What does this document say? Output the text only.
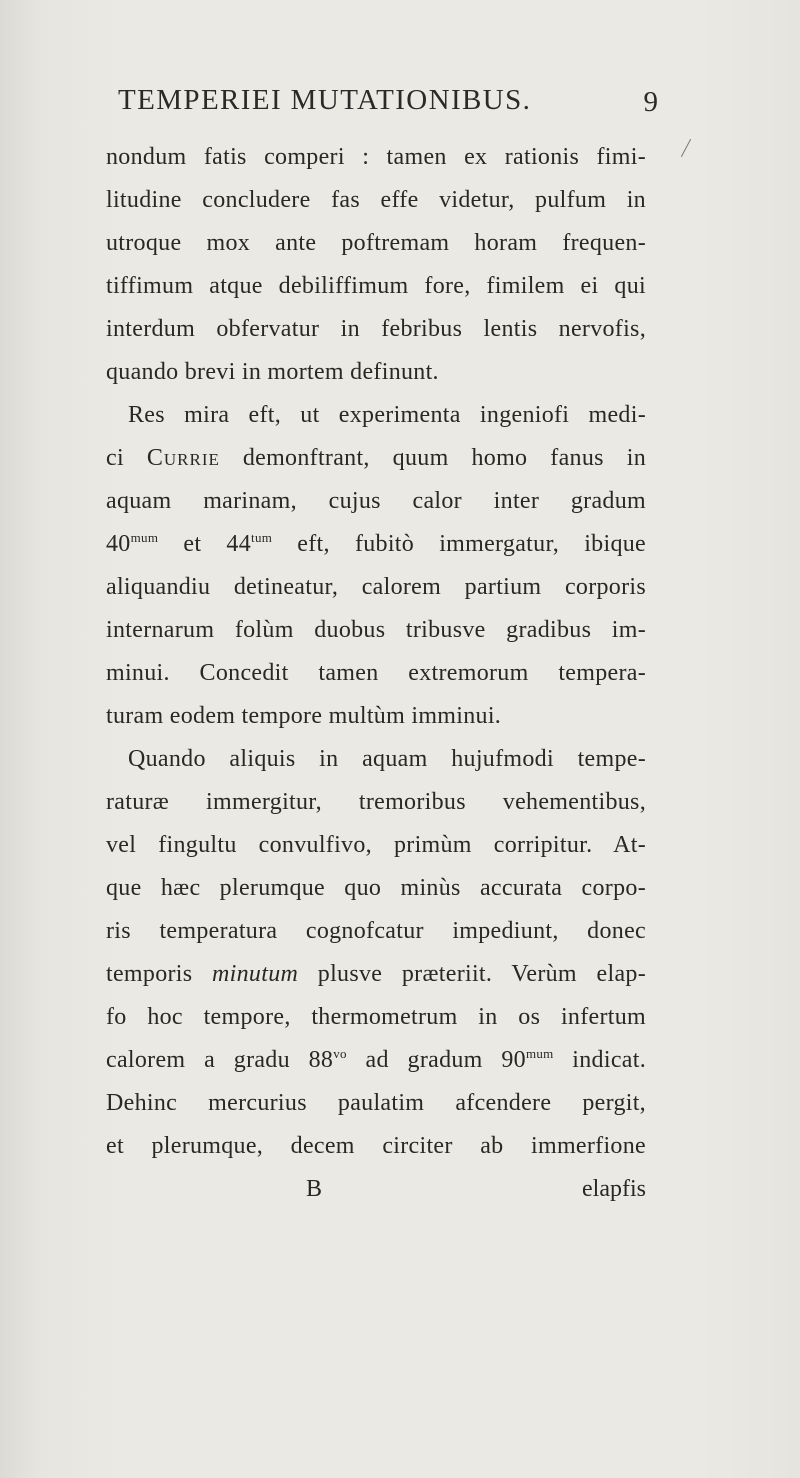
TEMPERIEI MUTATIONIBUS.	9
nondum fatis comperi : tamen ex rationis fimi-
litudine concludere fas effe videtur, pulfum in
utroque mox ante poftremam horam frequen-
tiffimum atque debiliffimum fore, fimilem ei qui
interdum obfervatur in febribus lentis nervofis,
quando brevi in mortem definunt.
Res mira eft, ut experimenta ingeniofi medi-
ci Currie demonftrant, quum homo fanus in
aquam marinam, cujus calor inter gradum
$40^{mum}$ et $44^{tum}$ eft, fubitò immergatur, ibique
aliquandiu detineatur, calorem partium corporis
internarum folùm duobus tribusve gradibus im-
minui. Concedit tamen extremorum tempera-
turam eodem tempore multùm imminui.
Quando aliquis in aquam hujufmodi tempe-
raturæ immergitur, tremoribus vehementibus,
vel fingultu convulfivo, primùm corripitur. At-
que hæc plerumque quo minùs accurata corpo-
ris temperatura cognofcatur impediunt, donec
temporis minutum plusve præteriit. Verùm elap-
fo hoc tempore, thermometrum in os infertum
calorem a gradu $88^{vo}$ ad gradum $90^{mum}$ indicat.
Dehinc mercurius paulatim afcendere pergit,
et plerumque, decem circiter ab immerfione
B	elapfis
